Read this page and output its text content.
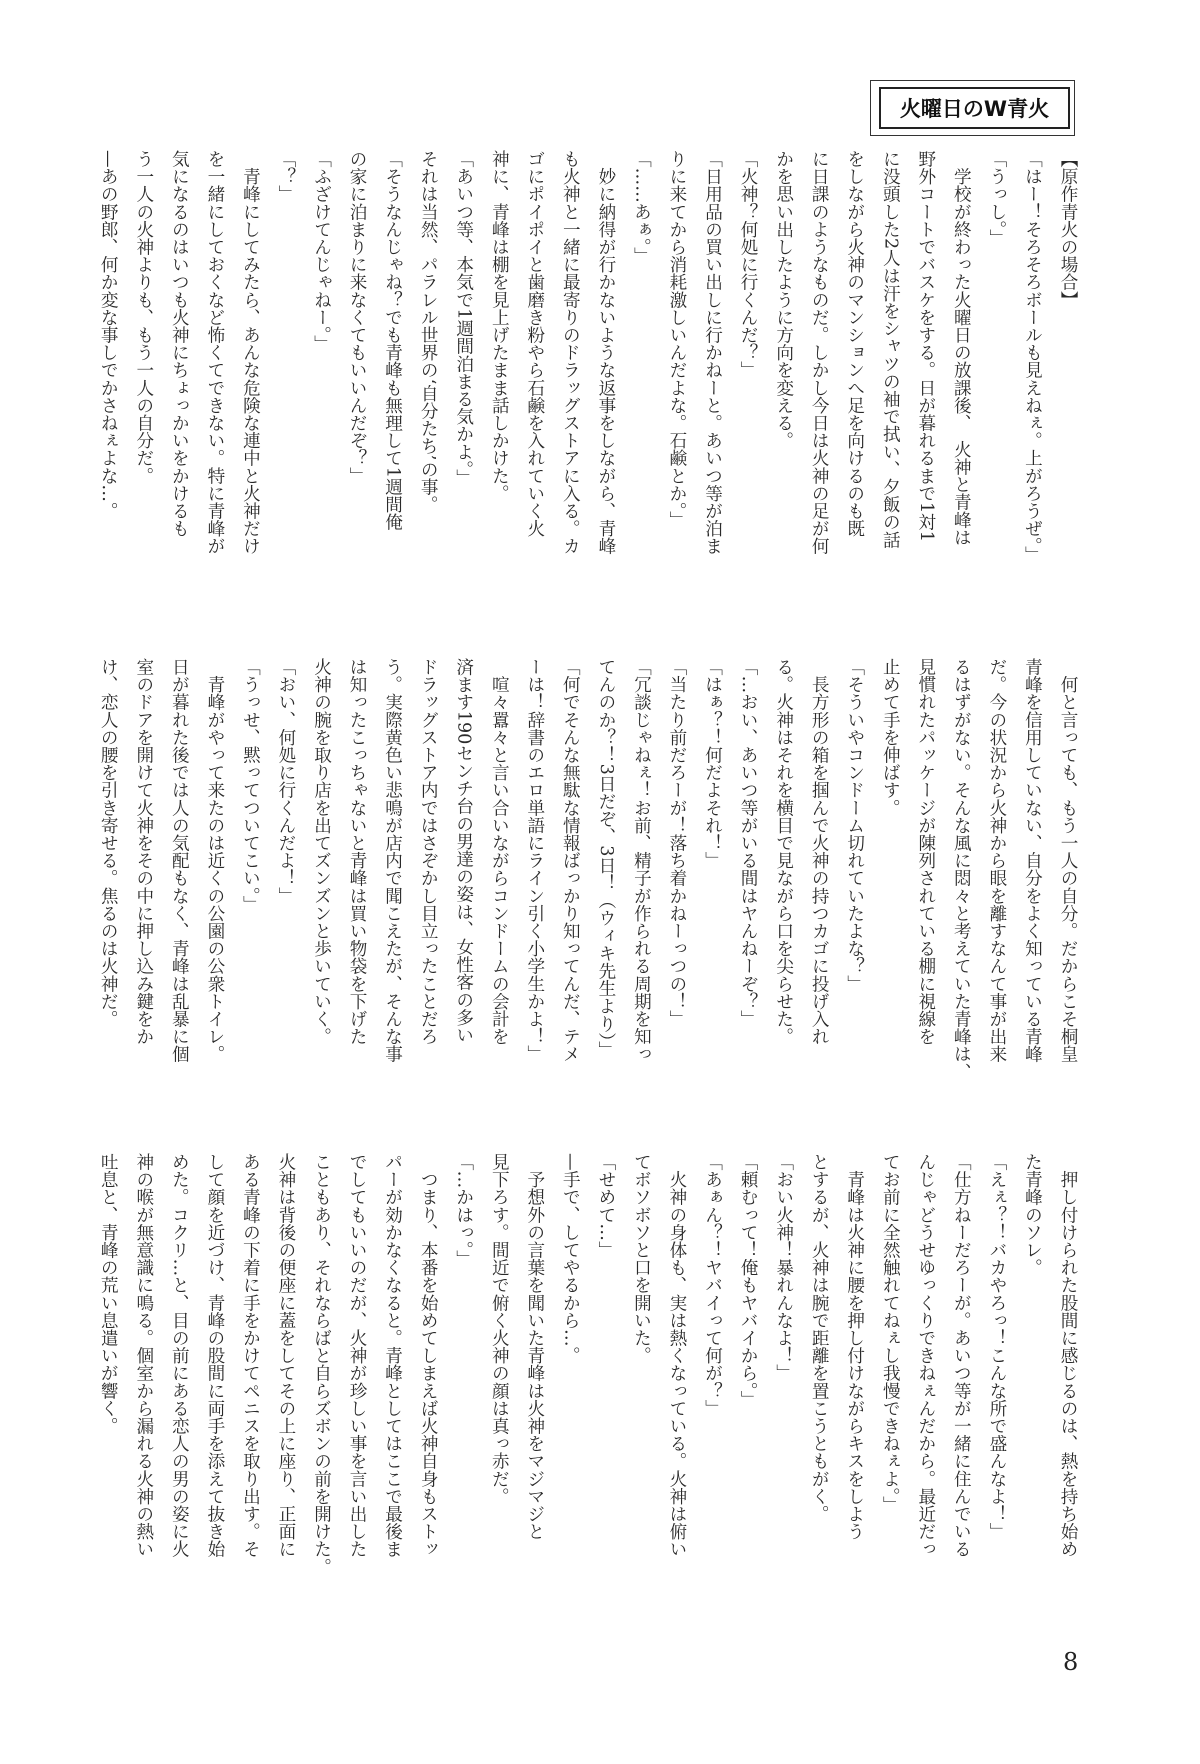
火曜日のW青火

【原作青火の場合】

「はー！そろそろボールも見えねぇ。上がろうぜ。」

「うっし。」

　学校が終わった火曜日の放課後、　火神と青峰は

野外コートでバスケをする。日が暮れるまで1対1

に没頭した2人は汗をシャツの袖で拭い、夕飯の話

をしながら火神のマンションへ足を向けるのも既

に日課のようなものだ。しかし今日は火神の足が何

かを思い出したように方向を変える。

「火神？何処に行くんだ？」

「日用品の買い出しに行かねーと。あいつ等が泊ま

りに来てから消耗激しいんだよな。石鹸とか。」

「……あぁ。」

　妙に納得が行かないような返事をしながら、青峰

も火神と一緒に最寄りのドラッグストアに入る。カ

ゴにポイポイと歯磨き粉やら石鹸を入れていく火

神に、青峰は棚を見上げたまま話しかけた。

「あいつ等、本気で1週間泊まる気かよ。」

それは当然、パラレル世界の‘自分たち’の事。

「そうなんじゃね？でも青峰も無理して1週間俺

の家に泊まりに来なくてもいいんだぞ？」

「ふざけてんじゃねー。」

「？」

　青峰にしてみたら、あんな危険な連中と火神だけ

を一緒にしておくなど怖くてできない。特に青峰が

気になるのはいつも火神にちょっかいをかけるも

う一人の火神よりも、もう一人の自分だ。

—あの野郎、何か変な事しでかさねぇよな…。

　何と言っても、もう一人の自分。だからこそ桐皇

青峰を信用していない、自分をよく知っている青峰

だ。今の状況から火神から眼を離すなんて事が出来

るはずがない。そんな風に悶々と考えていた青峰は、

見慣れたパッケージが陳列されている棚に視線を

止めて手を伸ばす。

「そういやコンドーム切れていたよな？」

　長方形の箱を掴んで火神の持つカゴに投げ入れ

る。火神はそれを横目で見ながら口を尖らせた。

「…おい、あいつ等がいる間はヤんねーぞ？」

「はぁ？！何だよそれ！」

「当たり前だろーが！落ち着かねーっつの！」

「冗談じゃねぇ！お前、精子が作られる周期を知っ

てんのか？！3日だぞ、3日！（ウィキ先生より）」

「何でそんな無駄な情報ばっかり知ってんだ、テメ

ーは！辞書のエロ単語にライン引く小学生かよ！」

　喧々囂々と言い合いながらコンドームの会計を

済ます190センチ台の男達の姿は、女性客の多い

ドラッグストア内ではさぞかし目立ったことだろ

う。実際黄色い悲鳴が店内で聞こえたが、そんな事

は知ったこっちゃないと青峰は買い物袋を下げた

火神の腕を取り店を出てズンズンと歩いていく。

「おい、何処に行くんだよ！」

「うっせ、黙ってついてこい。」

　青峰がやって来たのは近くの公園の公衆トイレ。

日が暮れた後では人の気配もなく、青峰は乱暴に個

室のドアを開けて火神をその中に押し込み鍵をか

け、恋人の腰を引き寄せる。焦るのは火神だ。

　押し付けられた股間に感じるのは、熱を持ち始め

た青峰のソレ。

「えぇ？！バカやろっ！こんな所で盛んなよ！」

「仕方ねーだろーが。あいつ等が一緒に住んでいる

んじゃどうせゆっくりできねぇんだから。最近だっ

てお前に全然触れてねぇし我慢できねぇよ。」

　青峰は火神に腰を押し付けながらキスをしよう

とするが、火神は腕で距離を置こうともがく。

「おい火神！暴れんなよ！」

「頼むって！俺もヤバイから。」

「あぁん？！ヤバイって何が？」

　火神の身体も、実は熱くなっている。火神は俯い

てボソボソと口を開いた。

「せめて…」

—手で、してやるから…。

　予想外の言葉を聞いた青峰は火神をマジマジと

見下ろす。間近で俯く火神の顔は真っ赤だ。

「…かはっ。」

　つまり、本番を始めてしまえば火神自身もストッ

パーが効かなくなると。青峰としてはここで最後ま

でしてもいいのだが、火神が珍しい事を言い出した

こともあり、それならばと自らズボンの前を開けた。

火神は背後の便座に蓋をしてその上に座り、正面に

ある青峰の下着に手をかけてペニスを取り出す。そ

して顔を近づけ、青峰の股間に両手を添えて抜き始

めた。コクリ…と、目の前にある恋人の男の姿に火

神の喉が無意識に鳴る。個室から漏れる火神の熱い

吐息と、青峰の荒い息遣いが響く。

8
